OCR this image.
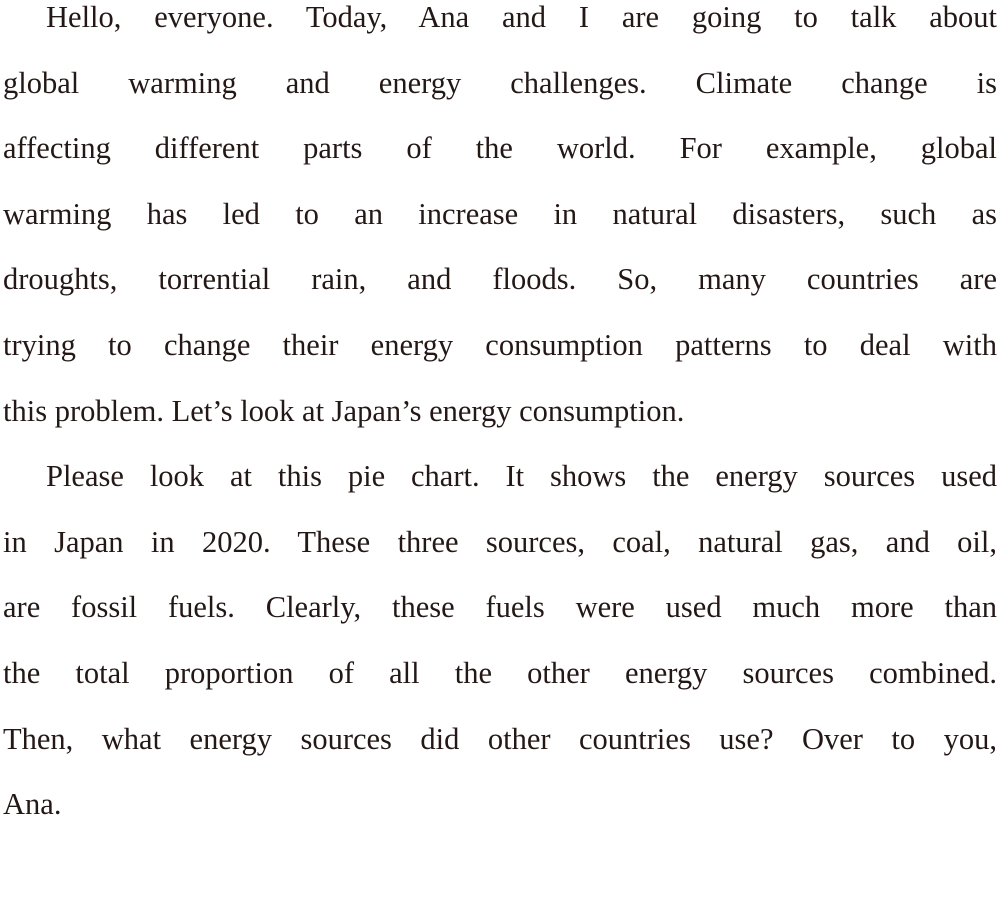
Hello, everyone. Today, Ana and I are going to talk about
global warming and energy challenges. Climate change is
affecting different parts of the world. For example, global
warming has led to an increase in natural disasters, such as
droughts, torrential rain, and floods. So, many countries are
trying to change their energy consumption patterns to deal with
this problem. Let’s look at Japan’s energy consumption.
Please look at this pie chart. It shows the energy sources used
in Japan in 2020. These three sources, coal, natural gas, and oil,
are fossil fuels. Clearly, these fuels were used much more than
the total proportion of all the other energy sources combined.
Then, what energy sources did other countries use? Over to you,
Ana.
